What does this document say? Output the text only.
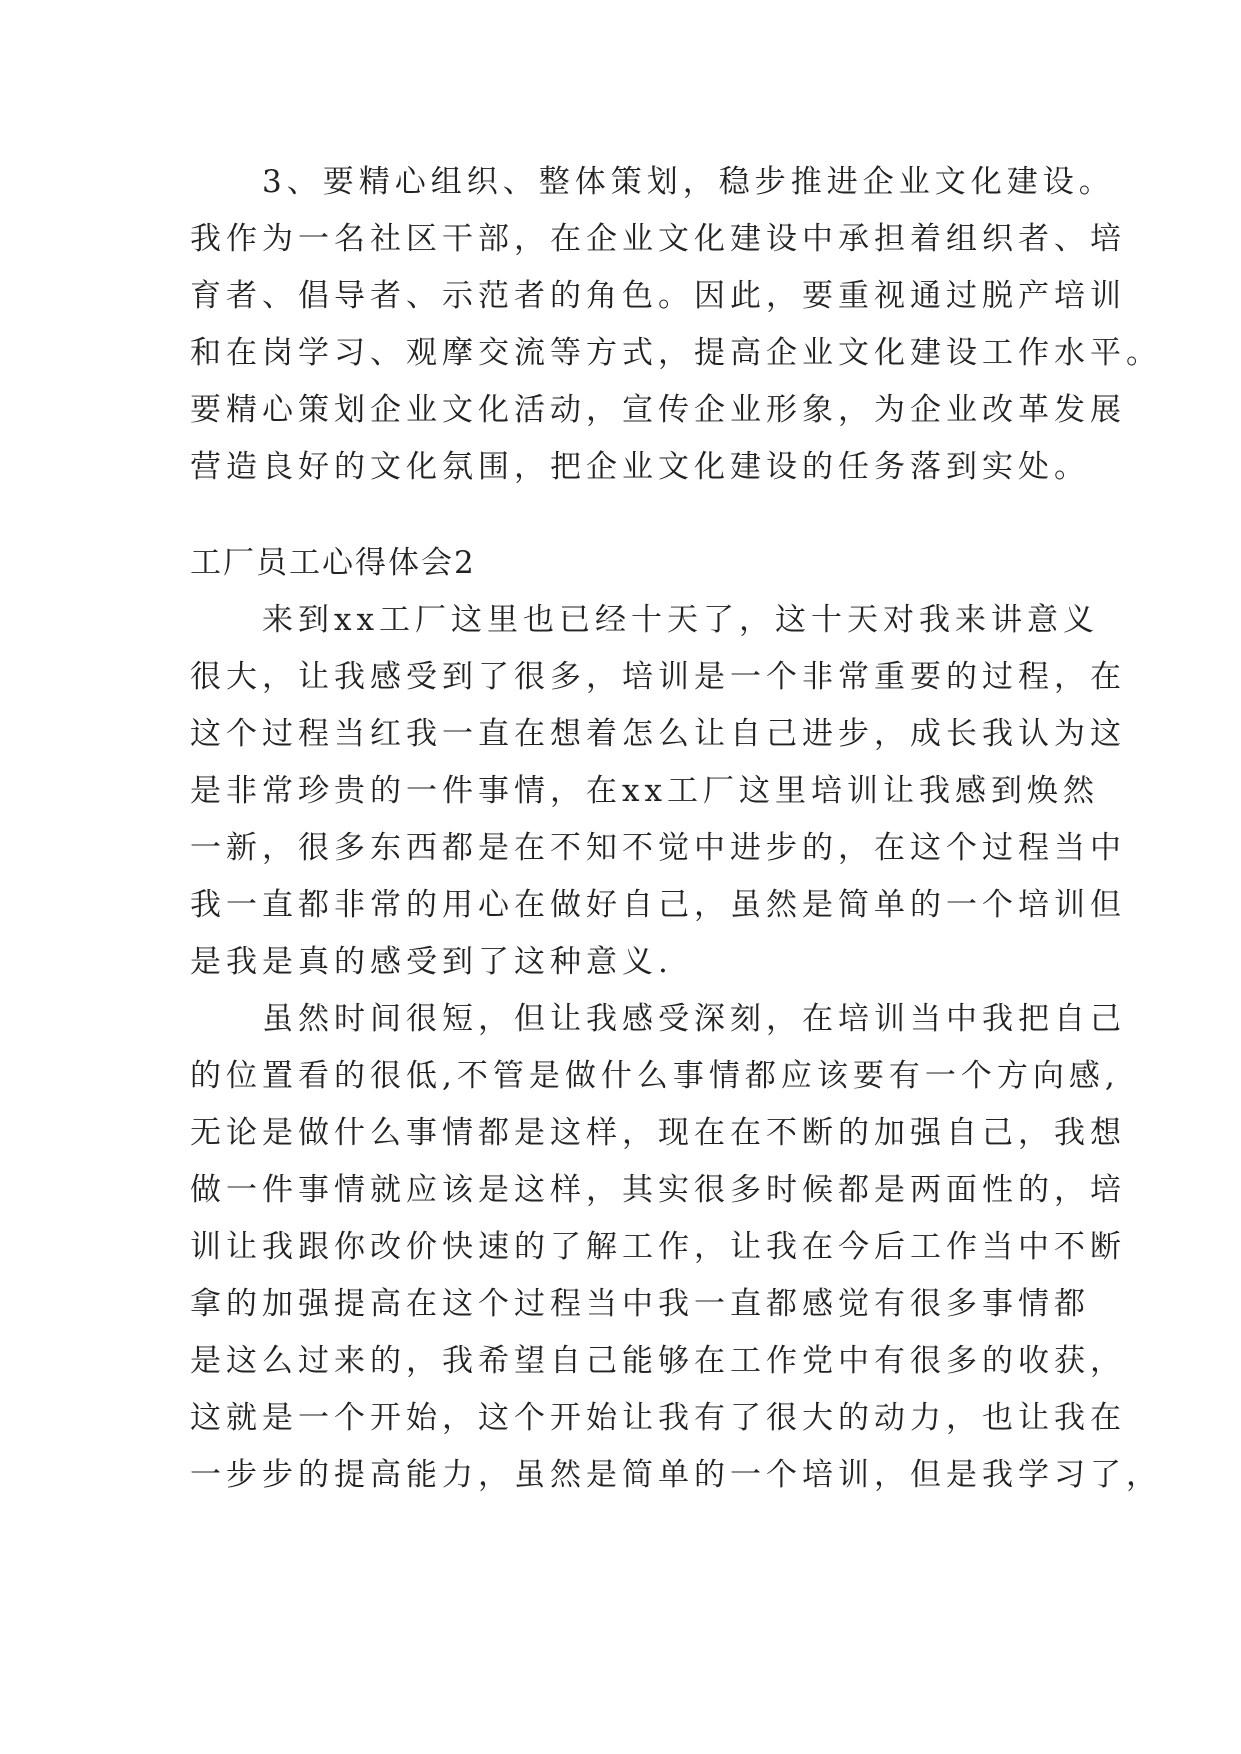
　　3、要精心组织、整体策划，稳步推进企业文化建设。
我作为一名社区干部，在企业文化建设中承担着组织者、培
育者、倡导者、示范者的角色。因此，要重视通过脱产培训
和在岗学习、观摩交流等方式，提高企业文化建设工作水平。
要精心策划企业文化活动，宣传企业形象，为企业改革发展
营造良好的文化氛围，把企业文化建设的任务落到实处。
工厂员工心得体会2
　　来到xx工厂这里也已经十天了，这十天对我来讲意义
很大，让我感受到了很多，培训是一个非常重要的过程，在
这个过程当红我一直在想着怎么让自己进步，成长我认为这
是非常珍贵的一件事情，在xx工厂这里培训让我感到焕然
一新，很多东西都是在不知不觉中进步的，在这个过程当中
我一直都非常的用心在做好自己，虽然是简单的一个培训但
是我是真的感受到了这种意义.
　　虽然时间很短，但让我感受深刻，在培训当中我把自己
的位置看的很低,不管是做什么事情都应该要有一个方向感,
无论是做什么事情都是这样，现在在不断的加强自己，我想
做一件事情就应该是这样，其实很多时候都是两面性的，培
训让我跟你改价快速的了解工作，让我在今后工作当中不断
拿的加强提高在这个过程当中我一直都感觉有很多事情都
是这么过来的，我希望自己能够在工作党中有很多的收获，
这就是一个开始，这个开始让我有了很大的动力，也让我在
一步步的提高能力，虽然是简单的一个培训，但是我学习了，
